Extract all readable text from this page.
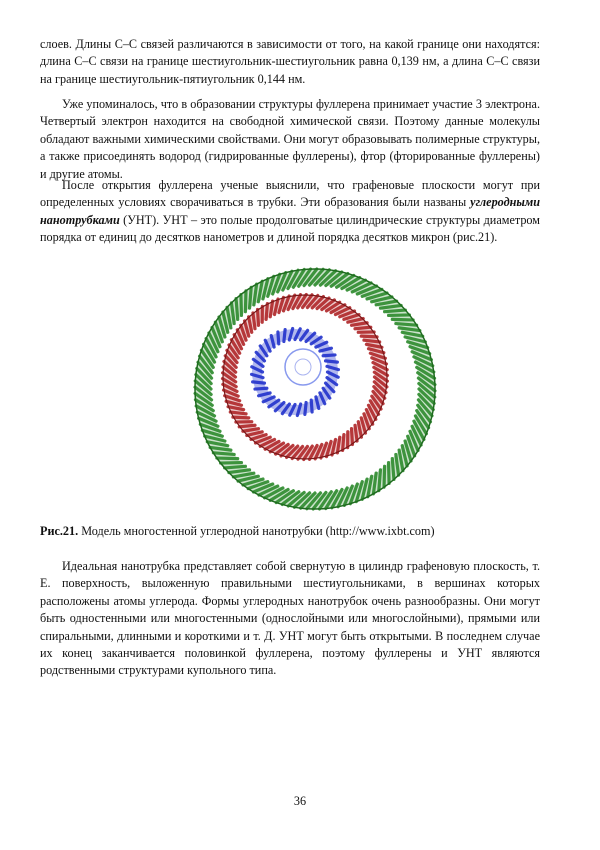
слоев. Длины С–С связей различаются в зависимости от того, на какой границе они находятся: длина С–С связи на границе шестиугольник-шестиугольник равна 0,139 нм, а длина С–С связи на границе шестиугольник-пятиугольник 0,144 нм.

Уже упоминалось, что в образовании структуры фуллерена принимает участие 3 электрона. Четвертый электрон находится на свободной химической связи. Поэтому данные молекулы обладают важными химическими свойствами. Они могут образовывать полимерные структуры, а также присоединять водород (гидрированные фуллерены), фтор (фторированные фуллерены) и другие атомы.

После открытия фуллерена ученые выяснили, что графеновые плоскости могут при определенных условиях сворачиваться в трубки. Эти образования были названы углеродными нанотрубками (УНТ). УНТ – это полые продолговатые цилиндрические структуры диаметром порядка от единиц до десятков нанометров и длиной порядка десятков микрон (рис.21).

Рис.21. Модель многостенной углеродной нанотрубки (http://www.ixbt.com)

Идеальная нанотрубка представляет собой свернутую в цилиндр графеновую плоскость, т. Е. поверхность, выложенную правильными шестиугольниками, в вершинах которых расположены атомы углерода. Формы углеродных нанотрубок очень разнообразны. Они могут быть одностенными или многостенными (однослойными или многослойными), прямыми или спиральными, длинными и короткими и т. Д. УНТ могут быть открытыми. В последнем случае их конец заканчивается половинкой фуллерена, поэтому фуллерены и УНТ являются родственными структурами купольного типа.

36
